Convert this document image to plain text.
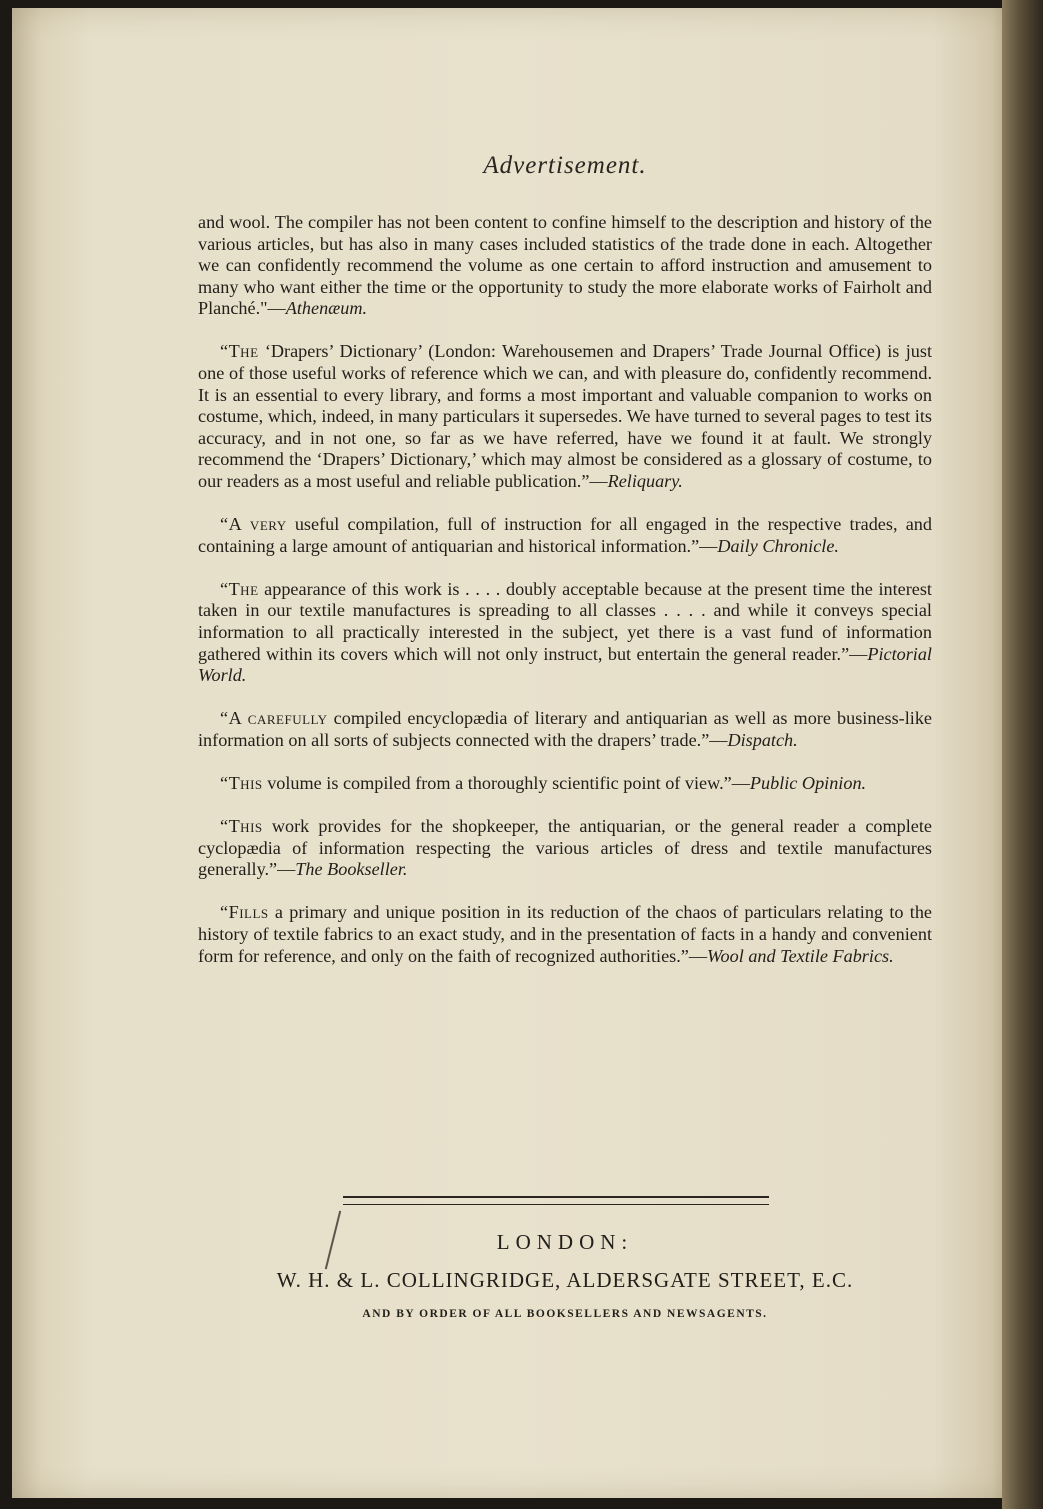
Advertisement.

and wool. The compiler has not been content to confine himself to the description and history of the various articles, but has also in many cases included statistics of the trade done in each. Altogether we can confidently recommend the volume as one certain to afford instruction and amusement to many who want either the time or the opportunity to study the more elaborate works of Fairholt and Planché."—Athenæum.

“The ‘Drapers’ Dictionary’ (London: Warehousemen and Drapers’ Trade Journal Office) is just one of those useful works of reference which we can, and with pleasure do, confidently recommend. It is an essential to every library, and forms a most important and valuable companion to works on costume, which, indeed, in many particulars it supersedes. We have turned to several pages to test its accuracy, and in not one, so far as we have referred, have we found it at fault. We strongly recommend the ‘Drapers’ Dictionary,’ which may almost be considered as a glossary of costume, to our readers as a most useful and reliable publication.”—Reliquary.

“A very useful compilation, full of instruction for all engaged in the respective trades, and containing a large amount of antiquarian and historical information.”—Daily Chronicle.

“The appearance of this work is . . . . doubly acceptable because at the present time the interest taken in our textile manufactures is spreading to all classes . . . . and while it conveys special information to all practically interested in the subject, yet there is a vast fund of information gathered within its covers which will not only instruct, but entertain the general reader.”—Pictorial World.

“A carefully compiled encyclopædia of literary and antiquarian as well as more business-like information on all sorts of subjects connected with the drapers’ trade.”—Dispatch.

“This volume is compiled from a thoroughly scientific point of view.”—Public Opinion.

“This work provides for the shopkeeper, the antiquarian, or the general reader a complete cyclopædia of information respecting the various articles of dress and textile manufactures generally.”—The Bookseller.

“Fills a primary and unique position in its reduction of the chaos of particulars relating to the history of textile fabrics to an exact study, and in the presentation of facts in a handy and convenient form for reference, and only on the faith of recognized authorities.”—Wool and Textile Fabrics.

LONDON:
W. H. & L. COLLINGRIDGE, ALDERSGATE STREET, E.C.
AND BY ORDER OF ALL BOOKSELLERS AND NEWSAGENTS.
